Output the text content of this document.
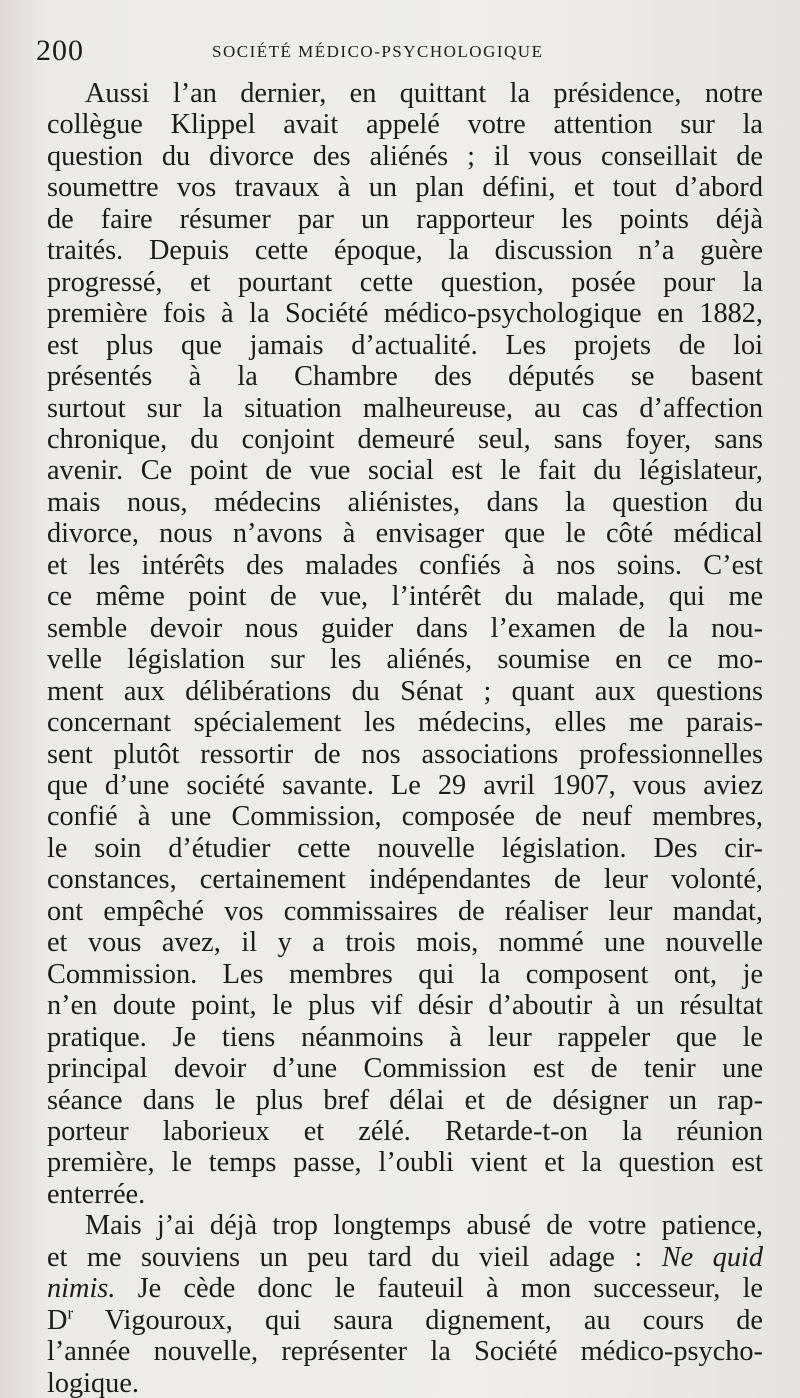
200	SOCIÉTÉ MÉDICO-PSYCHOLOGIQUE
Aussi l’an dernier, en quittant la présidence, notre
collègue Klippel avait appelé votre attention sur la
question du divorce des aliénés ; il vous conseillait de
soumettre vos travaux à un plan défini, et tout d’abord
de faire résumer par un rapporteur les points déjà
traités. Depuis cette époque, la discussion n’a guère
progressé, et pourtant cette question, posée pour la
première fois à la Société médico-psychologique en 1882,
est plus que jamais d’actualité. Les projets de loi
présentés à la Chambre des députés se basent
surtout sur la situation malheureuse, au cas d’affection
chronique, du conjoint demeuré seul, sans foyer, sans
avenir. Ce point de vue social est le fait du législateur,
mais nous, médecins aliénistes, dans la question du
divorce, nous n’avons à envisager que le côté médical
et les intérêts des malades confiés à nos soins. C’est
ce même point de vue, l’intérêt du malade, qui me
semble devoir nous guider dans l’examen de la nou-
velle législation sur les aliénés, soumise en ce mo-
ment aux délibérations du Sénat ; quant aux questions
concernant spécialement les médecins, elles me parais-
sent plutôt ressortir de nos associations professionnelles
que d’une société savante. Le 29 avril 1907, vous aviez
confié à une Commission, composée de neuf membres,
le soin d’étudier cette nouvelle législation. Des cir-
constances, certainement indépendantes de leur volonté,
ont empêché vos commissaires de réaliser leur mandat,
et vous avez, il y a trois mois, nommé une nouvelle
Commission. Les membres qui la composent ont, je
n’en doute point, le plus vif désir d’aboutir à un résultat
pratique. Je tiens néanmoins à leur rappeler que le
principal devoir d’une Commission est de tenir une
séance dans le plus bref délai et de désigner un rap-
porteur laborieux et zélé. Retarde-t-on la réunion
première, le temps passe, l’oubli vient et la question est
enterrée.
Mais j’ai déjà trop longtemps abusé de votre patience,
et me souviens un peu tard du vieil adage : Ne quid
nimis. Je cède donc le fauteuil à mon successeur, le
$D^r$ Vigouroux, qui saura dignement, au cours de
l’année nouvelle, représenter la Société médico-psycho-
logique.
